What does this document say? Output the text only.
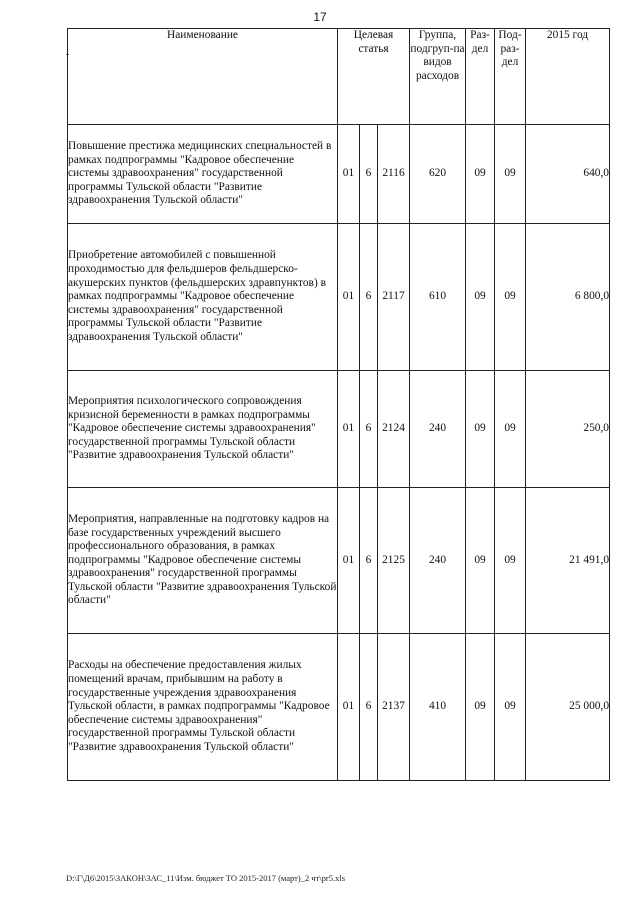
17
Наименование	Целевая статья			Группа, подгруп-па видов расходов	Раз-дел	Под-раз-дел	2015 год
Повышение престижа медицинских специальностей в рамках подпрограммы "Кадровое обеспечение системы здравоохранения" государственной программы Тульской области "Развитие здравоохранения Тульской области"	01	6	2116	620	09	09	640,0
Приобретение автомобилей с повышенной проходимостью для фельдшеров фельдшерско-акушерских пунктов (фельдшерских здравпунктов) в рамках подпрограммы "Кадровое обеспечение системы здравоохранения" государственной программы Тульской области "Развитие здравоохранения Тульской области"	01	6	2117	610	09	09	6 800,0
Мероприятия психологического сопровождения кризисной беременности в рамках подпрограммы "Кадровое обеспечение системы здравоохранения" государственной программы Тульской области "Развитие здравоохранения Тульской области"	01	6	2124	240	09	09	250,0
Мероприятия, направленные на подготовку кадров на базе государственных учреждений высшего профессионального образования, в рамках подпрограммы "Кадровое обеспечение системы здравоохранения" государственной программы Тульской области "Развитие здравоохранения Тульской области"	01	6	2125	240	09	09	21 491,0
Расходы на обеспечение предоставления жилых помещений врачам, прибывшим на работу в государственные учреждения здравоохранения Тульской области, в рамках подпрограммы "Кадровое обеспечение системы здравоохранения" государственной программы Тульской области "Развитие здравоохранения Тульской области"	01	6	2137	410	09	09	25 000,0
D:\Г\Д6\2015\ЗАКОН\ЗАС_11\Изм. бюджет ТО 2015-2017 (март)_2 чт\pr5.xls
